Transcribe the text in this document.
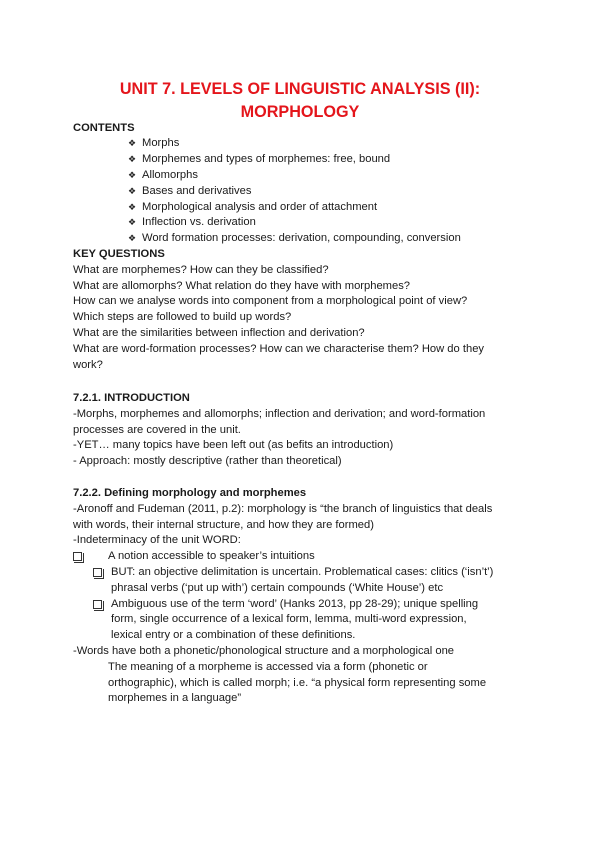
UNIT 7. LEVELS OF LINGUISTIC ANALYSIS (II):
MORPHOLOGY
CONTENTS
❖ Morphs
❖ Morphemes and types of morphemes: free, bound
❖ Allomorphs
❖ Bases and derivatives
❖ Morphological analysis and order of attachment
❖ Inflection vs. derivation
❖ Word formation processes: derivation, compounding, conversion
KEY QUESTIONS
What are morphemes? How can they be classified?
What are allomorphs? What relation do they have with morphemes?
How can we analyse words into component from a morphological point of view?
Which steps are followed to build up words?
What are the similarities between inflection and derivation?
What are word-formation processes? How can we characterise them? How do they
work?
7.2.1. INTRODUCTION
-Morphs, morphemes and allomorphs; inflection and derivation; and word-formation
processes are covered in the unit.
-YET… many topics have been left out (as befits an introduction)
- Approach: mostly descriptive (rather than theoretical)
7.2.2. Defining morphology and morphemes
-Aronoff and Fudeman (2011, p.2): morphology is “the branch of linguistics that deals
with words, their internal structure, and how they are formed)
-Indeterminacy of the unit WORD:
A notion accessible to speaker’s intuitions
BUT: an objective delimitation is uncertain. Problematical cases: clitics (‘isn’t’)
phrasal verbs (‘put up with’) certain compounds (‘White House’) etc
Ambiguous use of the term ‘word’ (Hanks 2013, pp 28-29); unique spelling
form, single occurrence of a lexical form, lemma, multi-word expression,
lexical entry or a combination of these definitions.
-Words have both a phonetic/phonological structure and a morphological one
The meaning of a morpheme is accessed via a form (phonetic or
orthographic), which is called morph; i.e. “a physical form representing some
morphemes in a language”
